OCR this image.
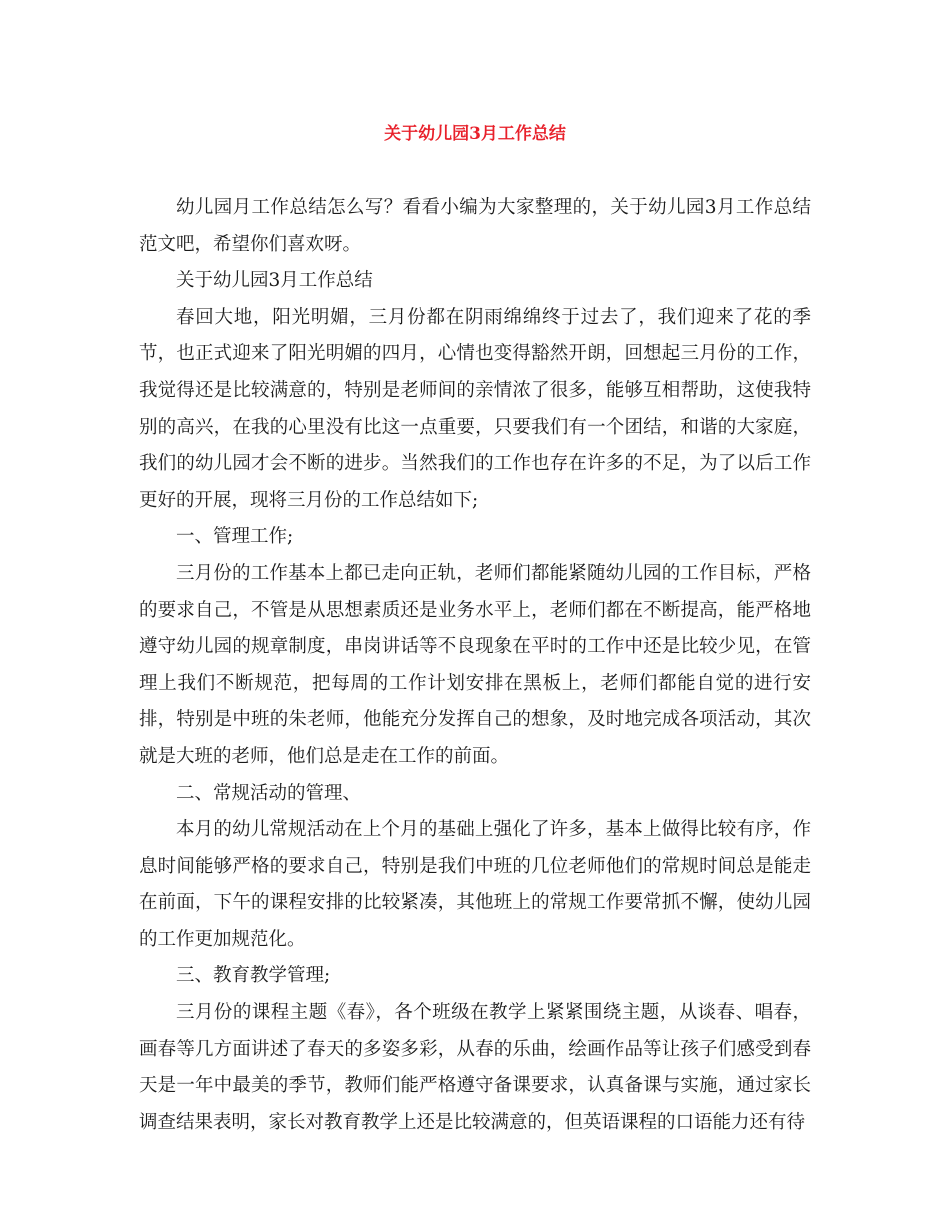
关于幼儿园3月工作总结

幼儿园月工作总结怎么写？看看小编为大家整理的，关于幼儿园3月工作总结范文吧，希望你们喜欢呀。

关于幼儿园3月工作总结

春回大地，阳光明媚，三月份都在阴雨绵绵终于过去了，我们迎来了花的季节，也正式迎来了阳光明媚的四月，心情也变得豁然开朗，回想起三月份的工作，我觉得还是比较满意的，特别是老师间的亲情浓了很多，能够互相帮助，这使我特别的高兴，在我的心里没有比这一点重要，只要我们有一个团结，和谐的大家庭，我们的幼儿园才会不断的进步。当然我们的工作也存在许多的不足，为了以后工作更好的开展，现将三月份的工作总结如下;

一、管理工作;

三月份的工作基本上都已走向正轨，老师们都能紧随幼儿园的工作目标，严格的要求自己，不管是从思想素质还是业务水平上，老师们都在不断提高，能严格地遵守幼儿园的规章制度，串岗讲话等不良现象在平时的工作中还是比较少见，在管理上我们不断规范，把每周的工作计划安排在黑板上，老师们都能自觉的进行安排，特别是中班的朱老师，他能充分发挥自己的想象，及时地完成各项活动，其次就是大班的老师，他们总是走在工作的前面。

二、常规活动的管理、

本月的幼儿常规活动在上个月的基础上强化了许多，基本上做得比较有序，作息时间能够严格的要求自己，特别是我们中班的几位老师他们的常规时间总是能走在前面，下午的课程安排的比较紧凑，其他班上的常规工作要常抓不懈，使幼儿园的工作更加规范化。

三、教育教学管理;

三月份的课程主题《春》，各个班级在教学上紧紧围绕主题，从谈春、唱春，画春等几方面讲述了春天的多姿多彩，从春的乐曲，绘画作品等让孩子们感受到春天是一年中最美的季节，教师们能严格遵守备课要求，认真备课与实施，通过家长调查结果表明，家长对教育教学上还是比较满意的，但英语课程的口语能力还有待
